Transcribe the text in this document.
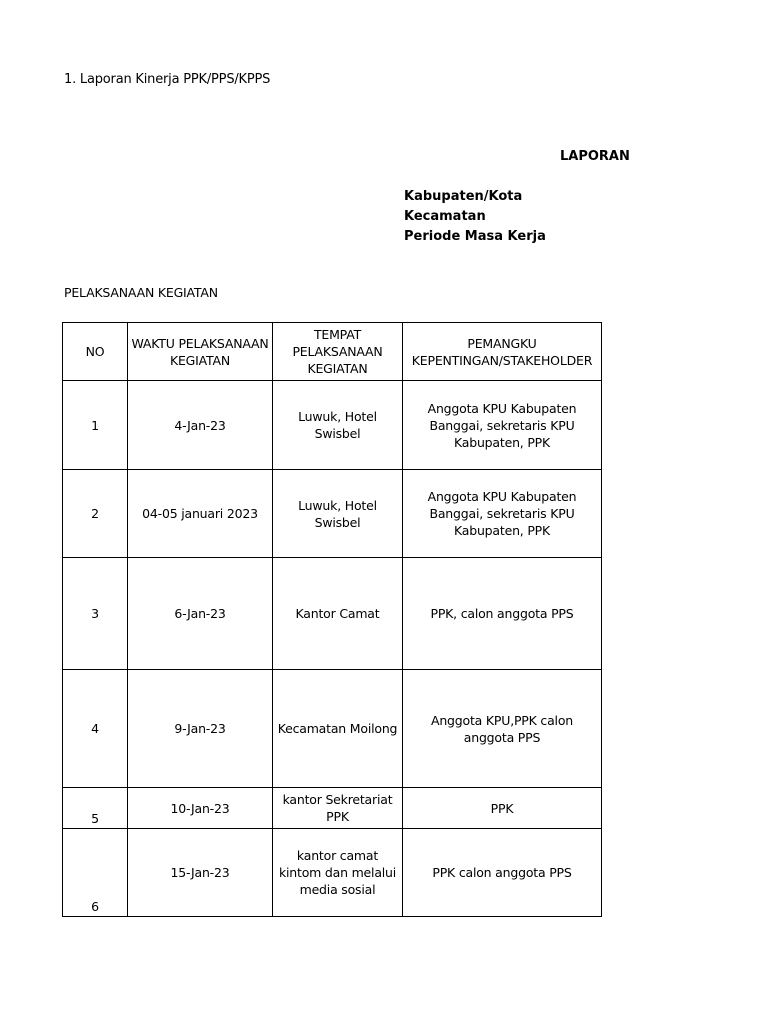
1. Laporan Kinerja PPK/PPS/KPPS
LAPORAN
Kabupaten/Kota
Kecamatan
Periode Masa Kerja
PELAKSANAAN KEGIATAN
NO	WAKTU PELAKSANAAN KEGIATAN	TEMPAT PELAKSANAAN KEGIATAN	PEMANGKU KEPENTINGAN/STAKEHOLDER
1	4-Jan-23	Luwuk, Hotel Swisbel	Anggota KPU Kabupaten Banggai, sekretaris KPU Kabupaten, PPK
2	04-05 januari 2023	Luwuk, Hotel Swisbel	Anggota KPU Kabupaten Banggai, sekretaris KPU Kabupaten, PPK
3	6-Jan-23	Kantor Camat	PPK, calon anggota PPS
4	9-Jan-23	Kecamatan Moilong	Anggota KPU,PPK calon anggota PPS
5	10-Jan-23	kantor Sekretariat PPK	PPK
6	15-Jan-23	kantor camat kintom dan melalui media sosial	PPK calon anggota PPS
